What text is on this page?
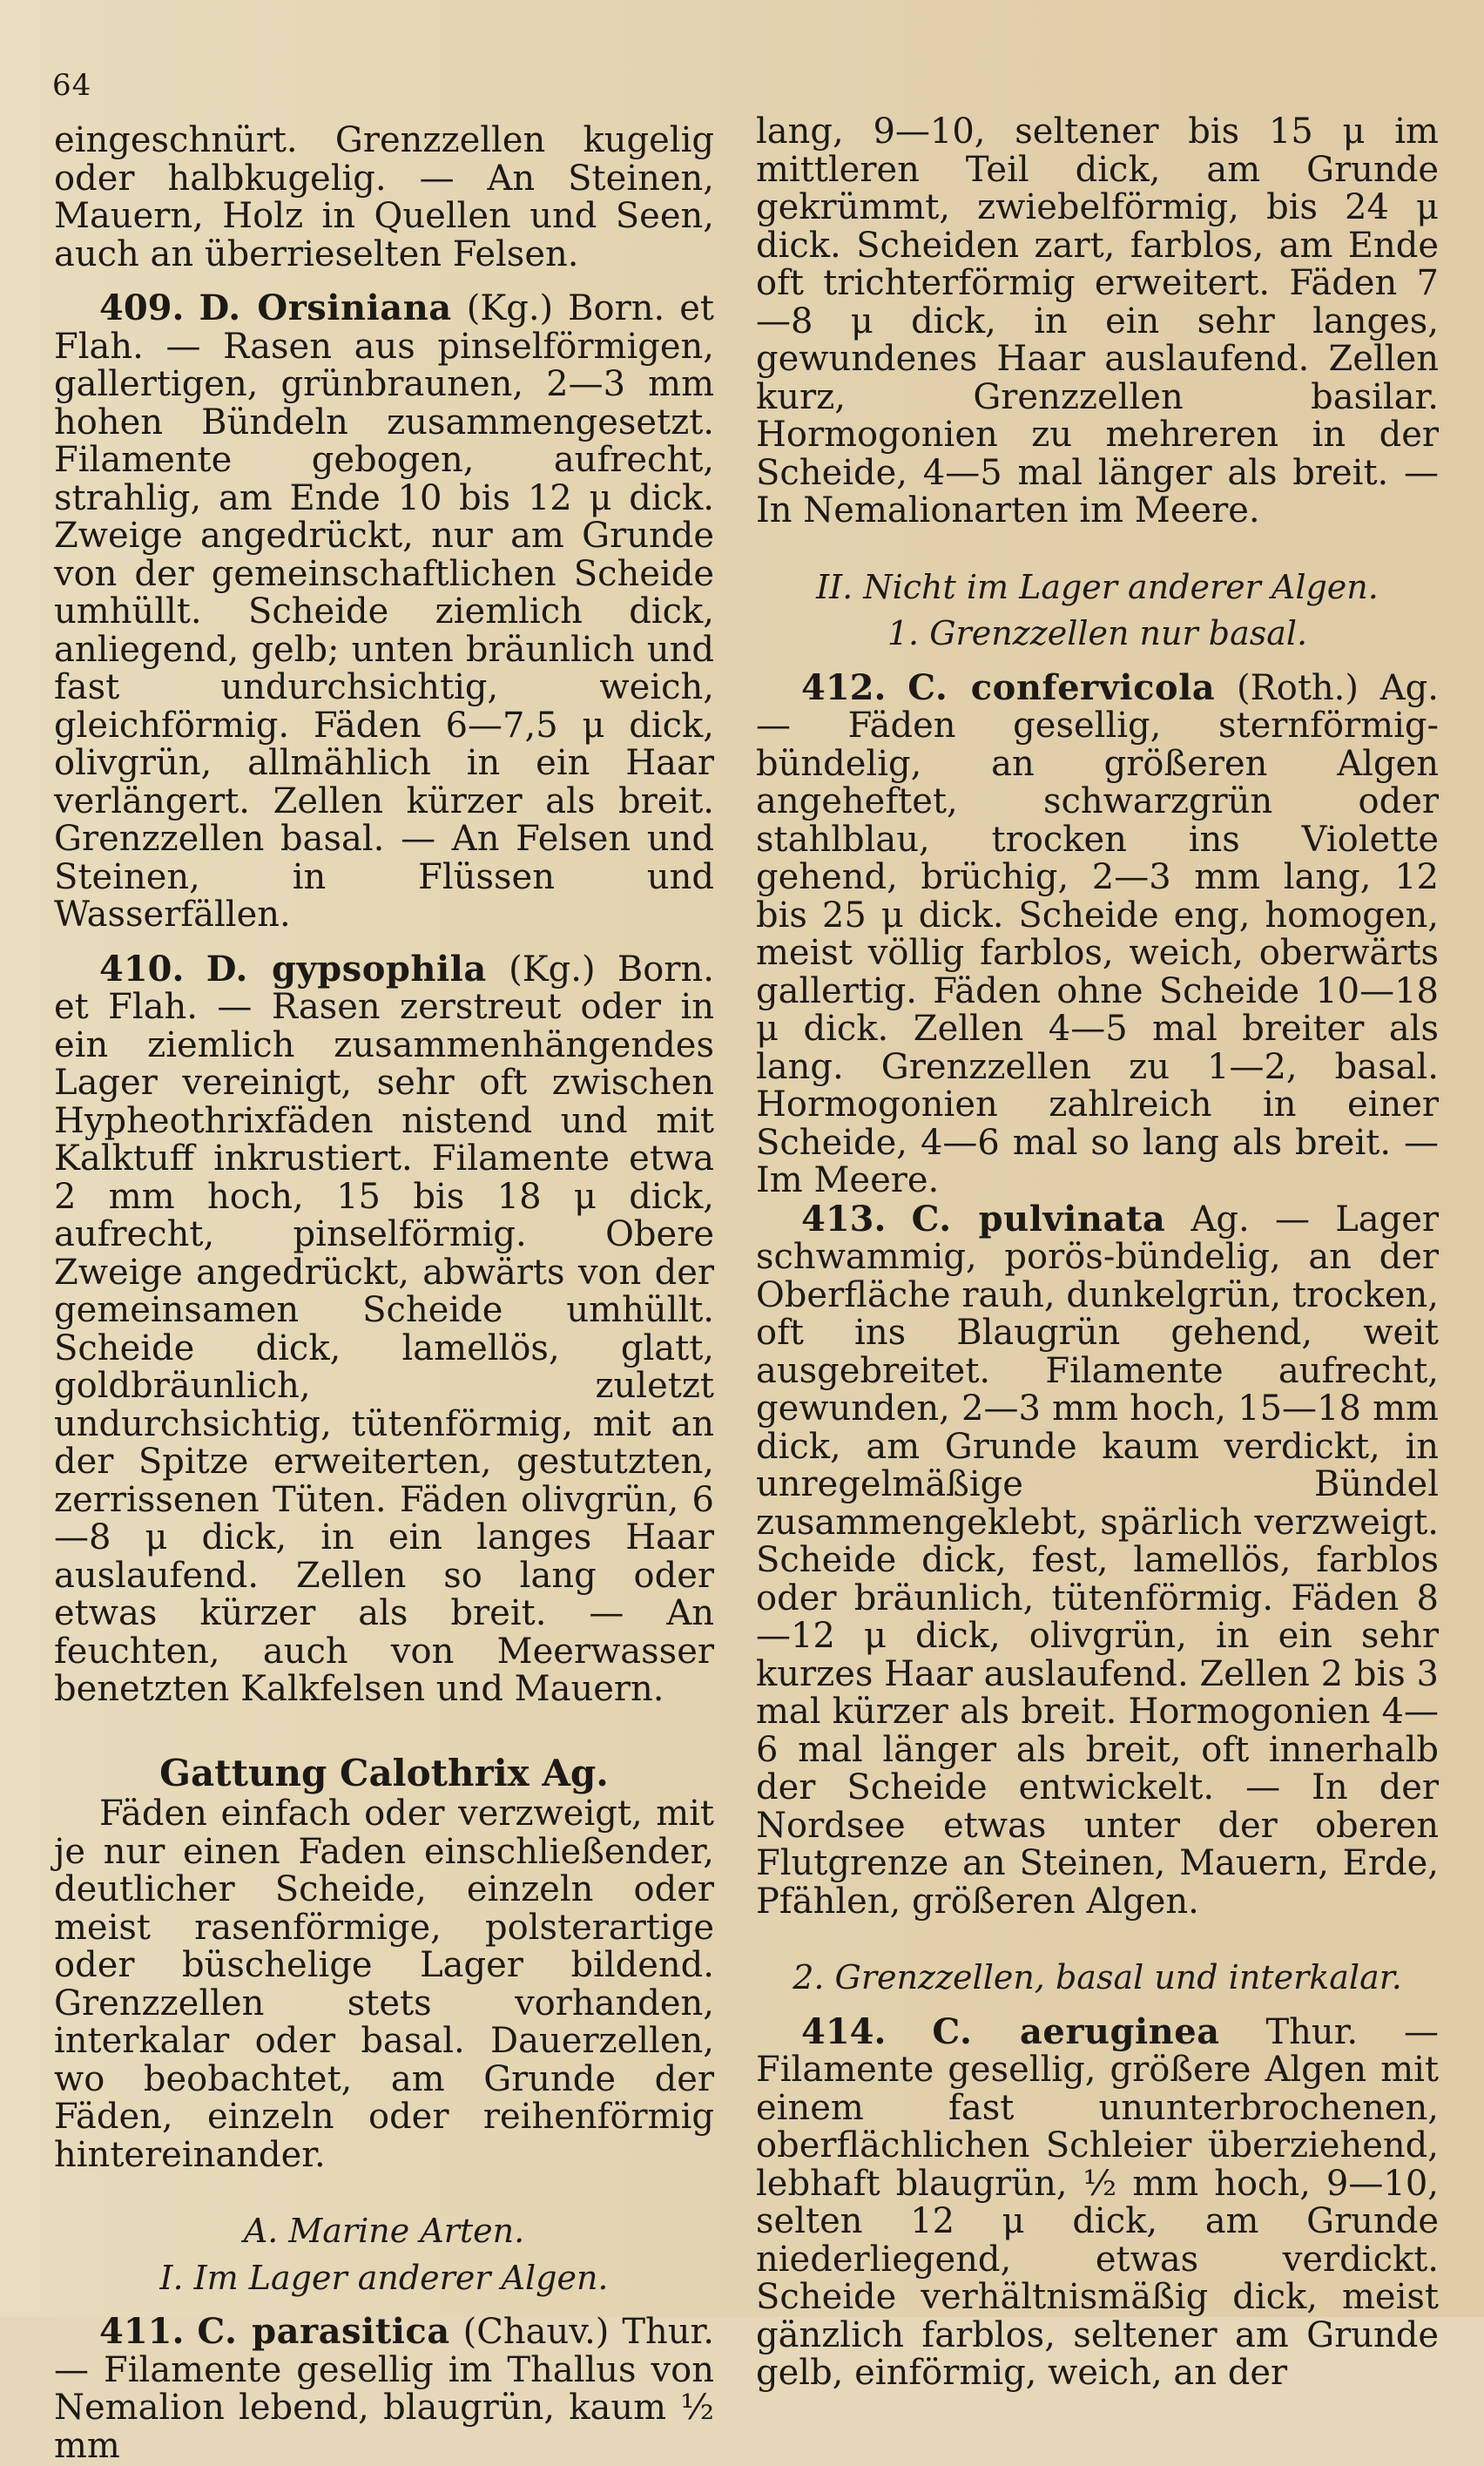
64

eingeschnürt. Grenzzellen kugelig oder halbkugelig. — An Steinen, Mauern, Holz in Quellen und Seen, auch an überrieselten Felsen.

409. D. Orsiniana (Kg.) Born. et Flah. — Rasen aus pinselförmigen, gallertigen, grünbraunen, 2—3 mm hohen Bündeln zusammengesetzt. Filamente gebogen, aufrecht, strahlig, am Ende 10 bis 12 μ dick. Zweige angedrückt, nur am Grunde von der gemeinschaftlichen Scheide umhüllt. Scheide ziemlich dick, anliegend, gelb; unten bräunlich und fast undurchsichtig, weich, gleichförmig. Fäden 6—7,5 μ dick, olivgrün, allmählich in ein Haar verlängert. Zellen kürzer als breit. Grenzzellen basal. — An Felsen und Steinen, in Flüssen und Wasserfällen.

410. D. gypsophila (Kg.) Born. et Flah. — Rasen zerstreut oder in ein ziemlich zusammenhängendes Lager vereinigt, sehr oft zwischen Hypheothrixfäden nistend und mit Kalktuff inkrustiert. Filamente etwa 2 mm hoch, 15 bis 18 μ dick, aufrecht, pinselförmig. Obere Zweige angedrückt, abwärts von der gemeinsamen Scheide umhüllt. Scheide dick, lamellös, glatt, goldbräunlich, zuletzt undurchsichtig, tütenförmig, mit an der Spitze erweiterten, gestutzten, zerrissenen Tüten. Fäden olivgrün, 6—8 μ dick, in ein langes Haar auslaufend. Zellen so lang oder etwas kürzer als breit. — An feuchten, auch von Meerwasser benetzten Kalkfelsen und Mauern.

Gattung Calothrix Ag.

Fäden einfach oder verzweigt, mit je nur einen Faden einschließender, deutlicher Scheide, einzeln oder meist rasenförmige, polsterartige oder büschelige Lager bildend. Grenzzellen stets vorhanden, interkalar oder basal. Dauerzellen, wo beobachtet, am Grunde der Fäden, einzeln oder reihenförmig hintereinander.

A. Marine Arten.
I. Im Lager anderer Algen.

411. C. parasitica (Chauv.) Thur. — Filamente gesellig im Thallus von Nemalion lebend, blaugrün, kaum ½ mm

lang, 9—10, seltener bis 15 μ im mittleren Teil dick, am Grunde gekrümmt, zwiebelförmig, bis 24 μ dick. Scheiden zart, farblos, am Ende oft trichterförmig erweitert. Fäden 7—8 μ dick, in ein sehr langes, gewundenes Haar auslaufend. Zellen kurz, Grenzzellen basilar. Hormogonien zu mehreren in der Scheide, 4—5 mal länger als breit. — In Nemalionarten im Meere.

II. Nicht im Lager anderer Algen.
1. Grenzzellen nur basal.

412. C. confervicola (Roth.) Ag. — Fäden gesellig, sternförmig-bündelig, an größeren Algen angeheftet, schwarzgrün oder stahlblau, trocken ins Violette gehend, brüchig, 2—3 mm lang, 12 bis 25 μ dick. Scheide eng, homogen, meist völlig farblos, weich, oberwärts gallertig. Fäden ohne Scheide 10—18 μ dick. Zellen 4—5 mal breiter als lang. Grenzzellen zu 1—2, basal. Hormogonien zahlreich in einer Scheide, 4—6 mal so lang als breit. — Im Meere.

413. C. pulvinata Ag. — Lager schwammig, porös-bündelig, an der Oberfläche rauh, dunkelgrün, trocken, oft ins Blaugrün gehend, weit ausgebreitet. Filamente aufrecht, gewunden, 2—3 mm hoch, 15—18 mm dick, am Grunde kaum verdickt, in unregelmäßige Bündel zusammengeklebt, spärlich verzweigt. Scheide dick, fest, lamellös, farblos oder bräunlich, tütenförmig. Fäden 8—12 μ dick, olivgrün, in ein sehr kurzes Haar auslaufend. Zellen 2 bis 3 mal kürzer als breit. Hormogonien 4—6 mal länger als breit, oft innerhalb der Scheide entwickelt. — In der Nordsee etwas unter der oberen Flutgrenze an Steinen, Mauern, Erde, Pfählen, größeren Algen.

2. Grenzzellen, basal und interkalar.

414. C. aeruginea Thur. — Filamente gesellig, größere Algen mit einem fast ununterbrochenen, oberflächlichen Schleier überziehend, lebhaft blaugrün, ½ mm hoch, 9—10, selten 12 μ dick, am Grunde niederliegend, etwas verdickt. Scheide verhältnismäßig dick, meist gänzlich farblos, seltener am Grunde gelb, einförmig, weich, an der
